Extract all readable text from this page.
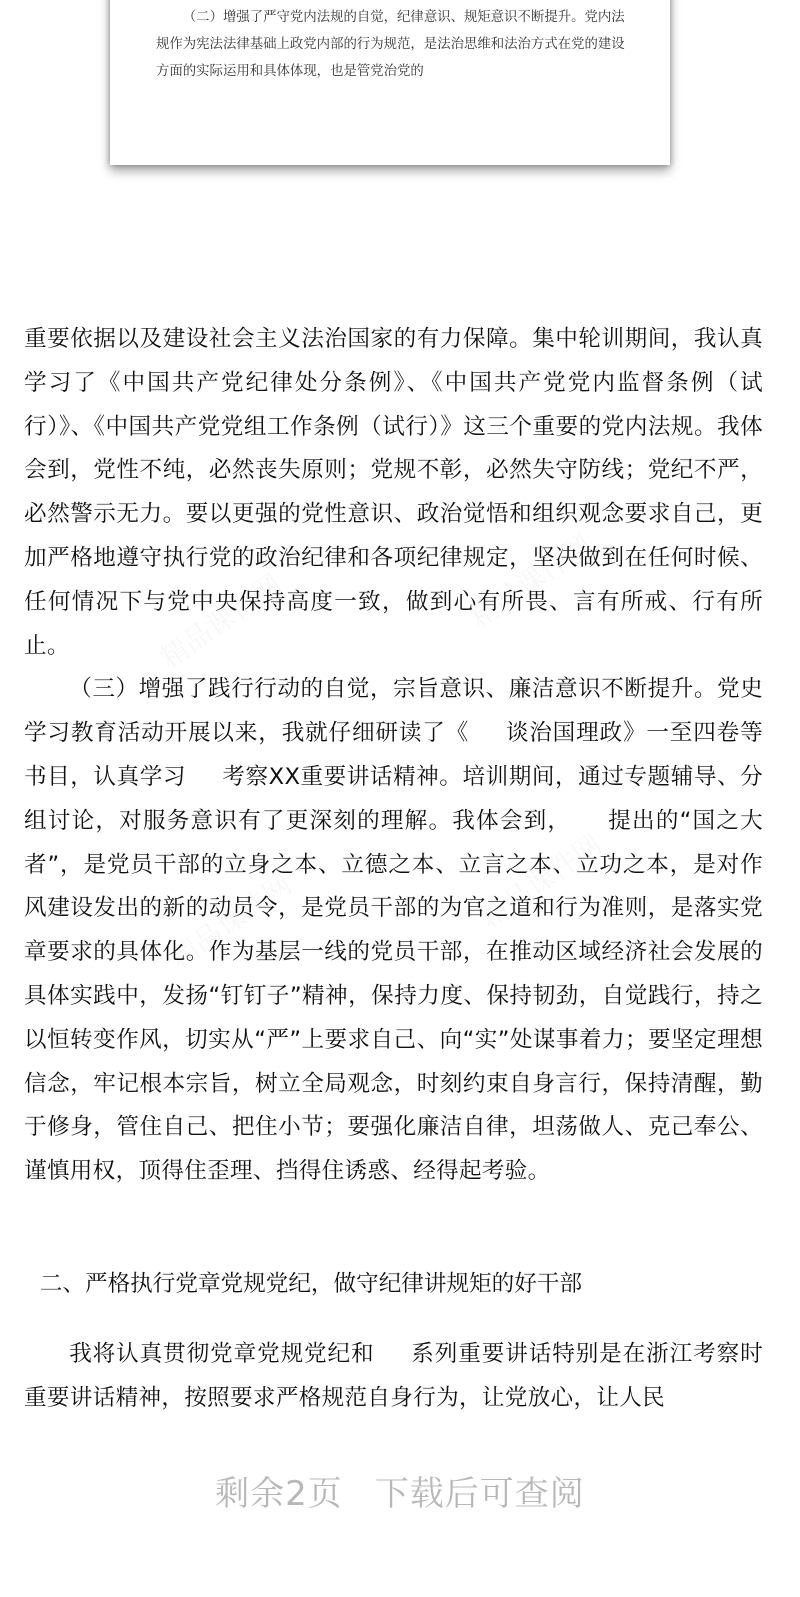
（二）增强了严守党内法规的自觉，纪律意识、规矩意识不断提升。党内法规作为宪法法律基础上政党内部的行为规范，是法治思维和法治方式在党的建设方面的实际运用和具体体现，也是管党治党的

精品课件网	精品课件网
精品课件网	精品课件网

重要依据以及建设社会主义法治国家的有力保障。集中轮训期间，我认真学习了《中国共产党纪律处分条例》、《中国共产党党内监督条例（试行）》、《中国共产党党组工作条例（试行）》这三个重要的党内法规。我体会到，党性不纯，必然丧失原则；党规不彰，必然失守防线；党纪不严，必然警示无力。要以更强的党性意识、政治觉悟和组织观念要求自己，更加严格地遵守执行党的政治纪律和各项纪律规定，坚决做到在任何时候、任何情况下与党中央保持高度一致，做到心有所畏、言有所戒、行有所止。

（三）增强了践行行动的自觉，宗旨意识、廉洁意识不断提升。党史学习教育活动开展以来，我就仔细研读了《 谈治国理政》一至四卷等书目，认真学习 考察XX重要讲话精神。培训期间，通过专题辅导、分组讨论，对服务意识有了更深刻的理解。我体会到， 提出的“国之大者”，是党员干部的立身之本、立德之本、立言之本、立功之本，是对作风建设发出的新的动员令，是党员干部的为官之道和行为准则，是落实党章要求的具体化。作为基层一线的党员干部，在推动区域经济社会发展的具体实践中，发扬“钉钉子”精神，保持力度、保持韧劲，自觉践行，持之以恒转变作风，切实从“严”上要求自己、向“实”处谋事着力；要坚定理想信念，牢记根本宗旨，树立全局观念，时刻约束自身言行，保持清醒，勤于修身，管住自己、把住小节；要强化廉洁自律，坦荡做人、克己奉公、谨慎用权，顶得住歪理、挡得住诱惑、经得起考验。

二、严格执行党章党规党纪，做守纪律讲规矩的好干部

我将认真贯彻党章党规党纪和 系列重要讲话特别是在浙江考察时重要讲话精神，按照要求严格规范自身行为，让党放心，让人民

剩余2页 下载后可查阅
